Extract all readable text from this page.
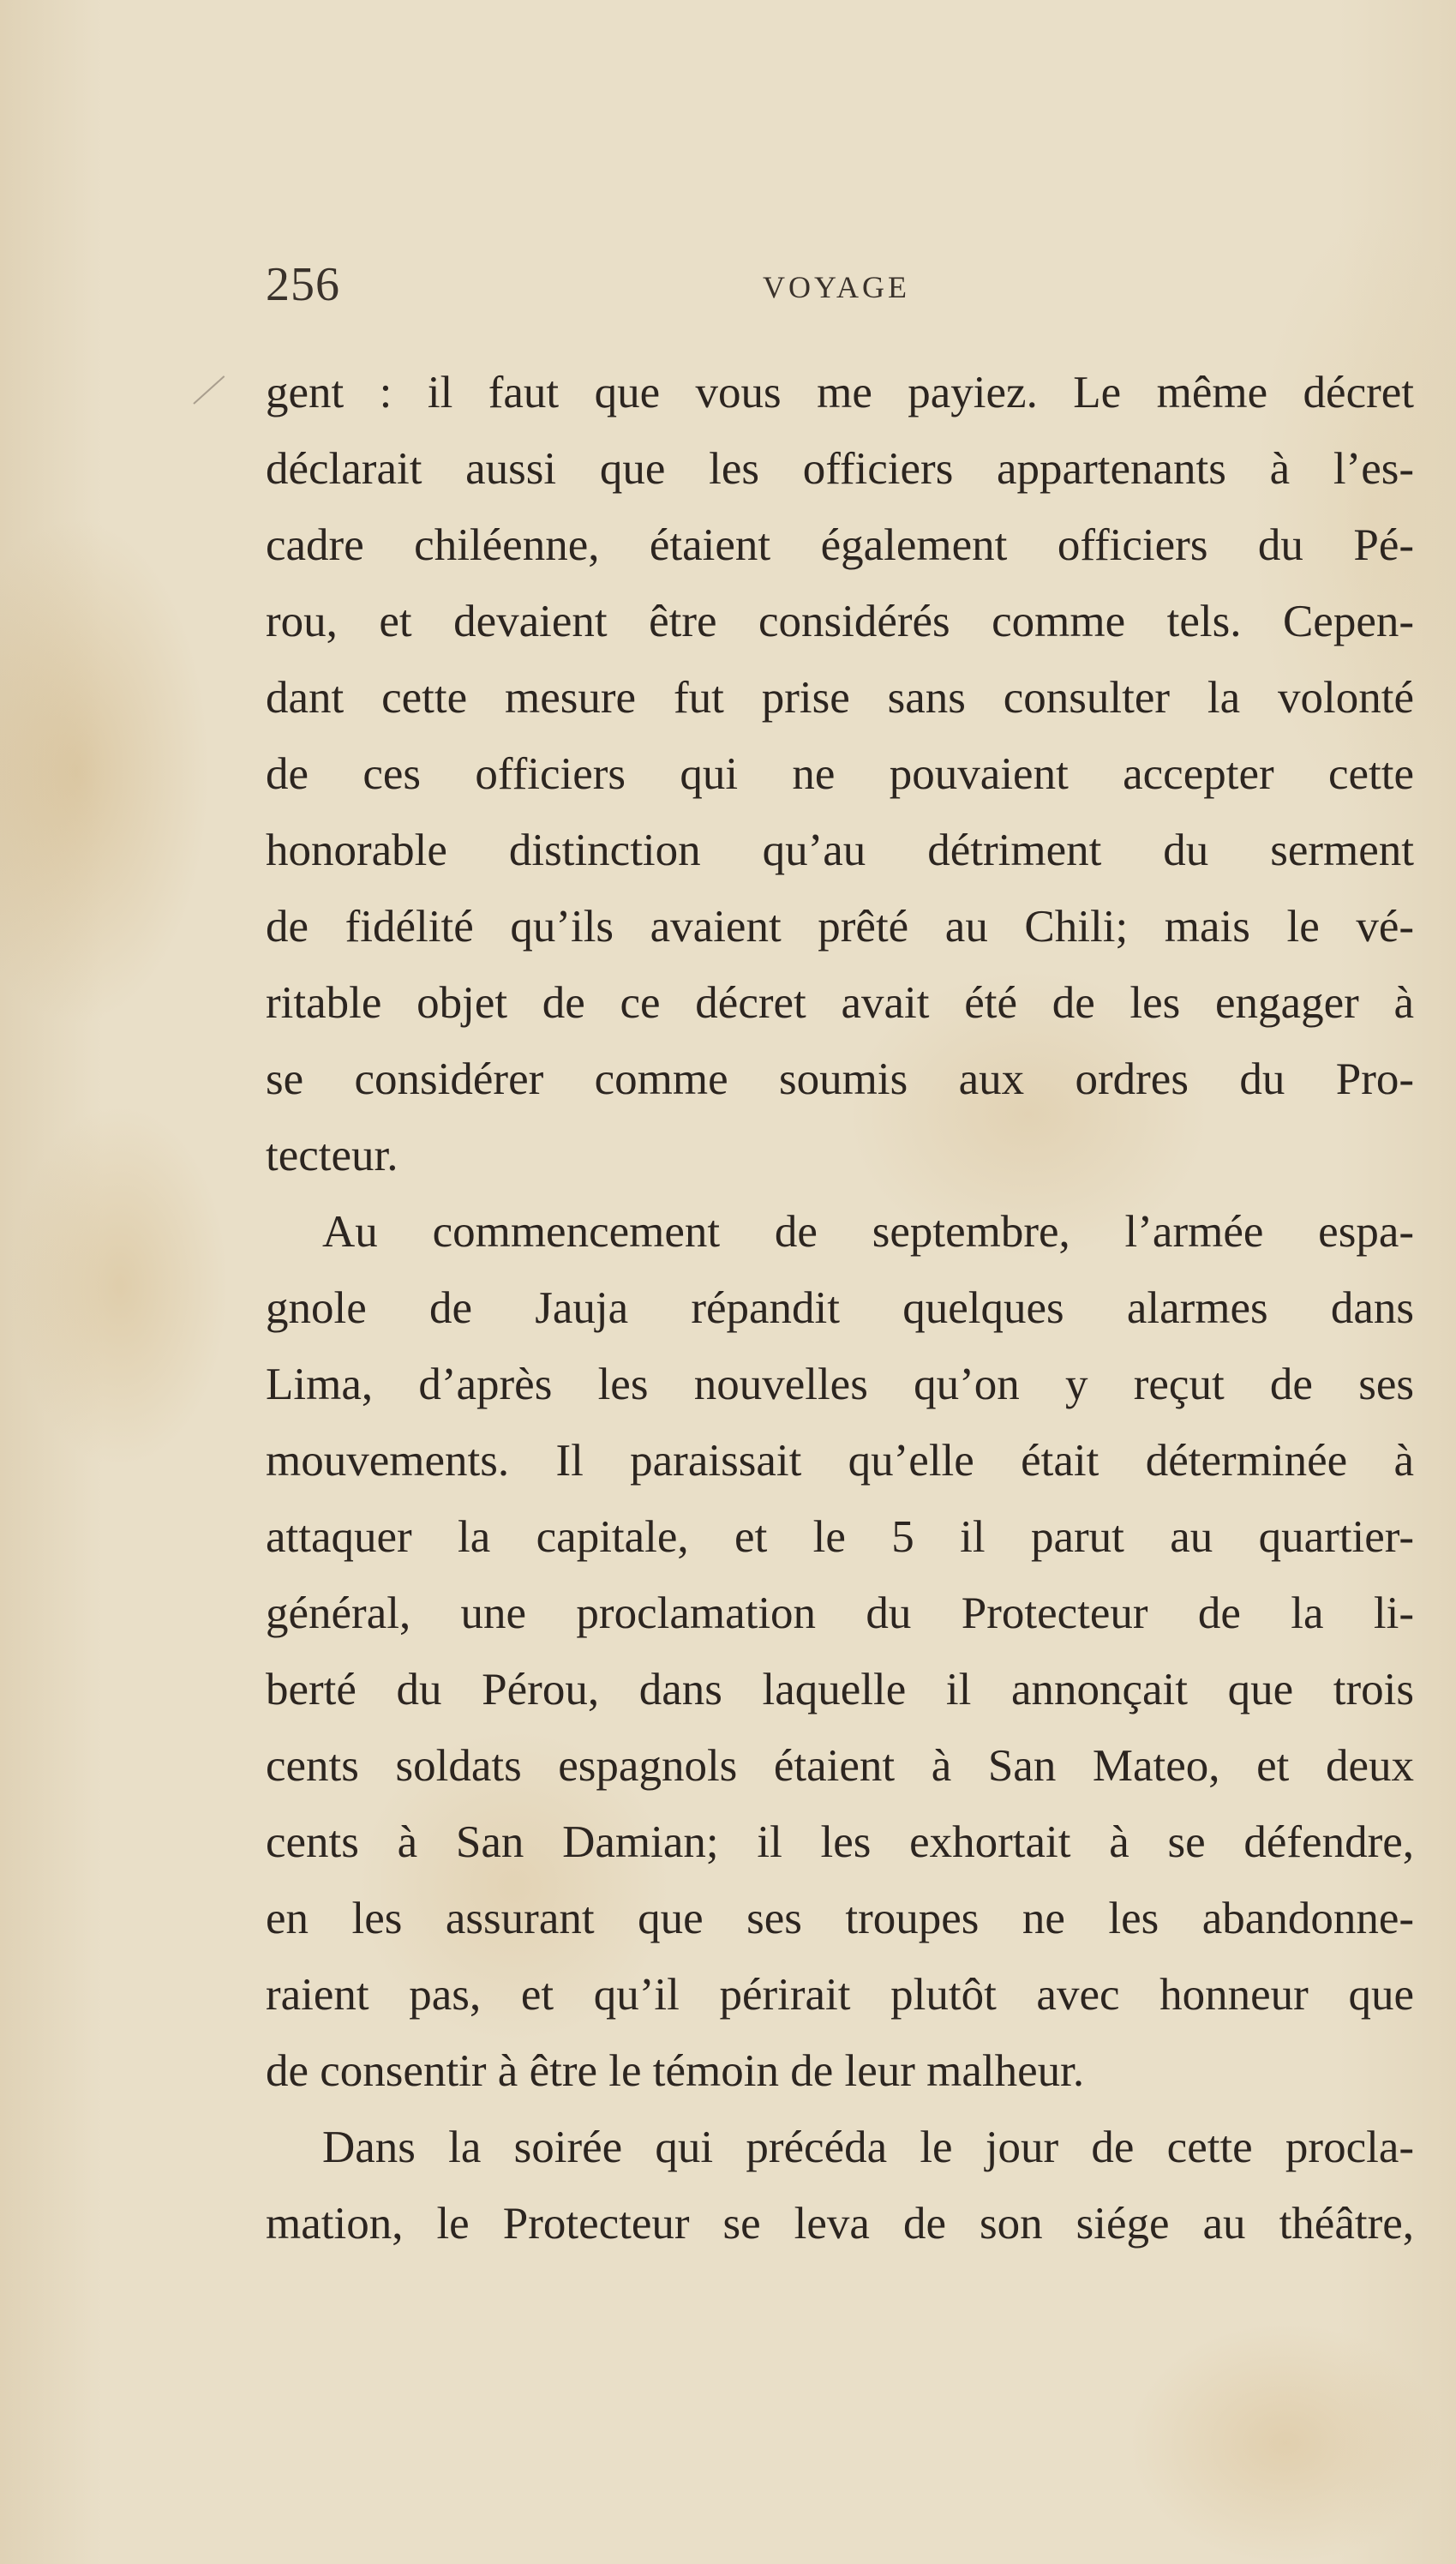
256	VOYAGE
gent : il faut que vous me payiez. Le même décret
déclarait aussi que les officiers appartenants à l’es-
cadre chiléenne, étaient également officiers du Pé-
rou, et devaient être considérés comme tels. Cepen-
dant cette mesure fut prise sans consulter la volonté
de ces officiers qui ne pouvaient accepter cette
honorable distinction qu’au détriment du serment
de fidélité qu’ils avaient prêté au Chili; mais le vé-
ritable objet de ce décret avait été de les engager à
se considérer comme soumis aux ordres du Pro-
tecteur.
Au commencement de septembre, l’armée espa-
gnole de Jauja répandit quelques alarmes dans
Lima, d’après les nouvelles qu’on y reçut de ses
mouvements. Il paraissait qu’elle était déterminée à
attaquer la capitale, et le 5 il parut au quartier-
général, une proclamation du Protecteur de la li-
berté du Pérou, dans laquelle il annonçait que trois
cents soldats espagnols étaient à San Mateo, et deux
cents à San Damian; il les exhortait à se défendre,
en les assurant que ses troupes ne les abandonne-
raient pas, et qu’il périrait plutôt avec honneur que
de consentir à être le témoin de leur malheur.
Dans la soirée qui précéda le jour de cette procla-
mation, le Protecteur se leva de son siége au théâtre,
